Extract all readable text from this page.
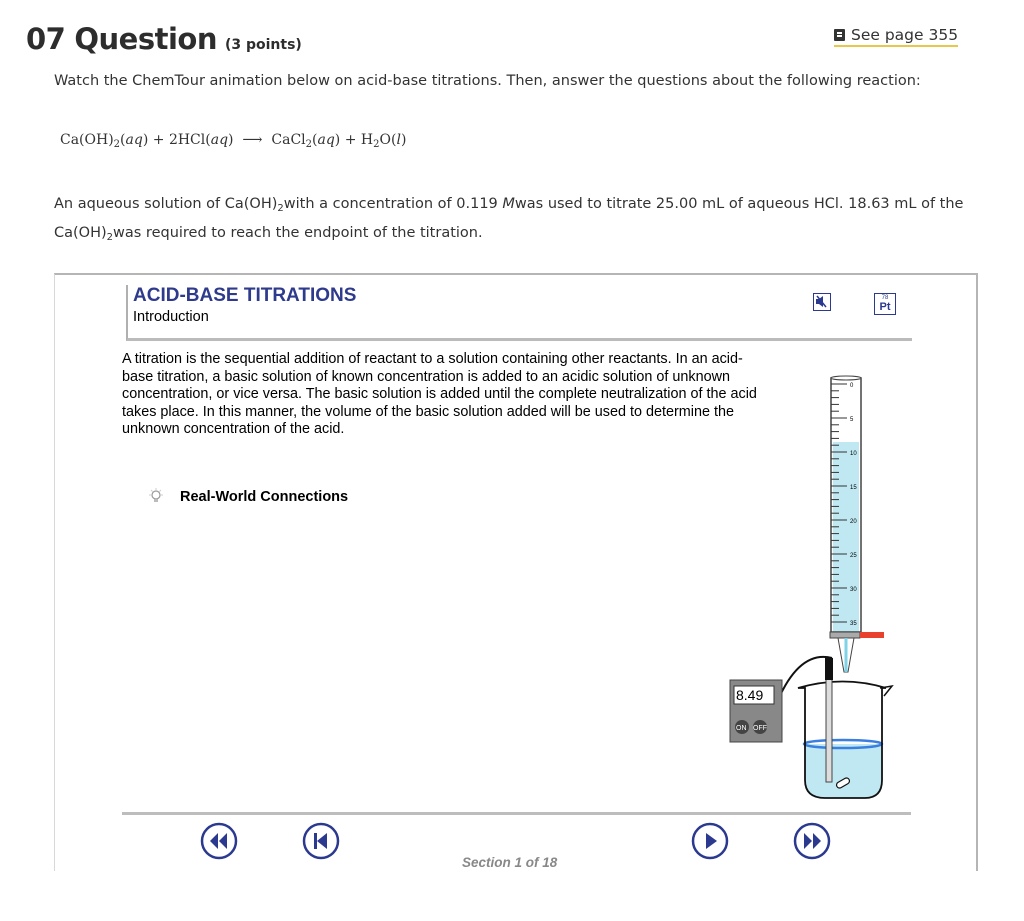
07 Question (3 points)
See page 355
Watch the ChemTour animation below on acid-base titrations. Then, answer the questions about the following reaction:
$Ca(OH)_2(aq) + 2HCl(aq)$  ⟶ CaCl$_2$(aq) + $H_2O(l)$
An aqueous solution of $Ca(OH)_2with$ a concentration of 0.119 Mwas used to titrate 25.00 mL of aqueous HCl. 18.63 mL of the
$Ca(OH)_2was$ required to reach the endpoint of the titration.
ACID-BASE TITRATIONS
Introduction
78
Pt
A titration is the sequential addition of reactant to a solution containing other reactants. In an acid-base titration, a basic solution of known concentration is added to an acidic solution of unknown concentration, or vice versa. The basic solution is added until the complete neutralization of the acid takes place. In this manner, the volume of the basic solution added will be used to determine the unknown concentration of the acid.
Real-World Connections
0
5
10
15
20
25
30
35
8.49
ON OFF
Section 1 of 18
